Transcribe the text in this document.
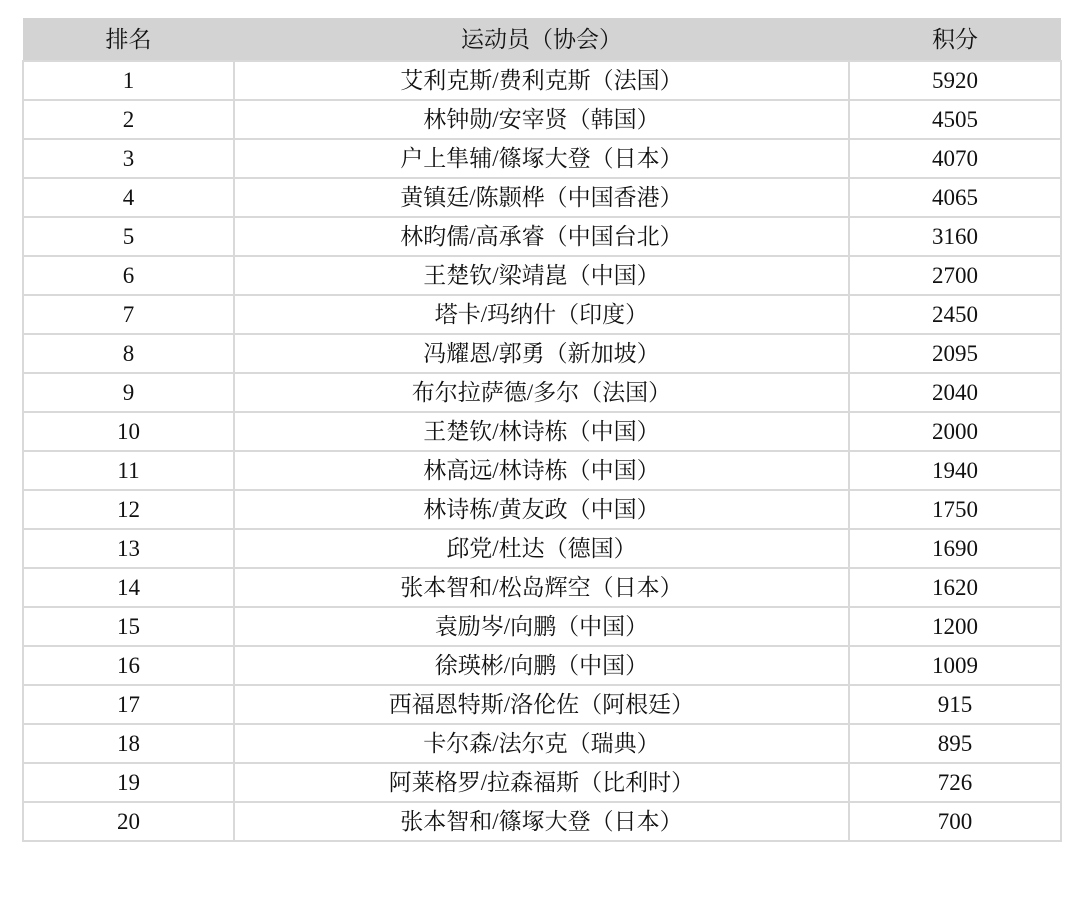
排名	运动员（协会）	积分
1	艾利克斯/费利克斯（法国）	5920
2	林钟勋/安宰贤（韩国）	4505
3	户上隼辅/篠塚大登（日本）	4070
4	黄镇廷/陈颢桦（中国香港）	4065
5	林昀儒/高承睿（中国台北）	3160
6	王楚钦/梁靖崑（中国）	2700
7	塔卡/玛纳什（印度）	2450
8	冯耀恩/郭勇（新加坡）	2095
9	布尔拉萨德/多尔（法国）	2040
10	王楚钦/林诗栋（中国）	2000
11	林高远/林诗栋（中国）	1940
12	林诗栋/黄友政（中国）	1750
13	邱党/杜达（德国）	1690
14	张本智和/松岛辉空（日本）	1620
15	袁励岑/向鹏（中国）	1200
16	徐瑛彬/向鹏（中国）	1009
17	西福恩特斯/洛伦佐（阿根廷）	915
18	卡尔森/法尔克（瑞典）	895
19	阿莱格罗/拉森福斯（比利时）	726
20	张本智和/篠塚大登（日本）	700
